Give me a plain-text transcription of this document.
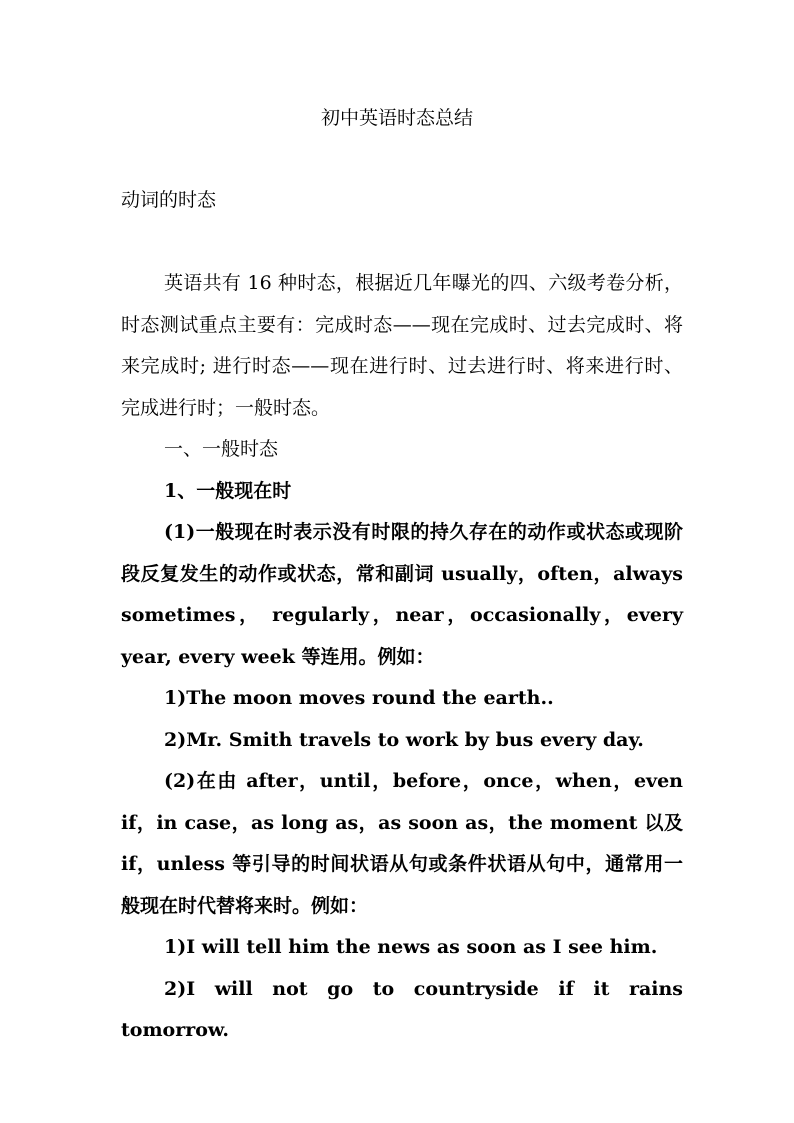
初中英语时态总结
动词的时态

英语共有 16 种时态，根据近几年曝光的四、六级考卷分析，时态测试重点主要有：完成时态——现在完成时、过去完成时、将来完成时; 进行时态——现在进行时、过去进行时、将来进行时、完成进行时；一般时态。

一、一般时态

1、一般现在时

(1)一般现在时表示没有时限的持久存在的动作或状态或现阶段反复发生的动作或状态，常和副词 usually，often，always sometimes， regularly，near，occasionally，every year, every week 等连用。例如：

1)The moon moves round the earth..

2)Mr. Smith travels to work by bus every day.

(2)在由 after，until，before，once，when，even if，in case，as long as，as soon as，the moment 以及 if，unless 等引导的时间状语从句或条件状语从句中，通常用一般现在时代替将来时。例如：

1)I will tell him the news as soon as I see him.

2)I will not go to countryside if it rains tomorrow.
